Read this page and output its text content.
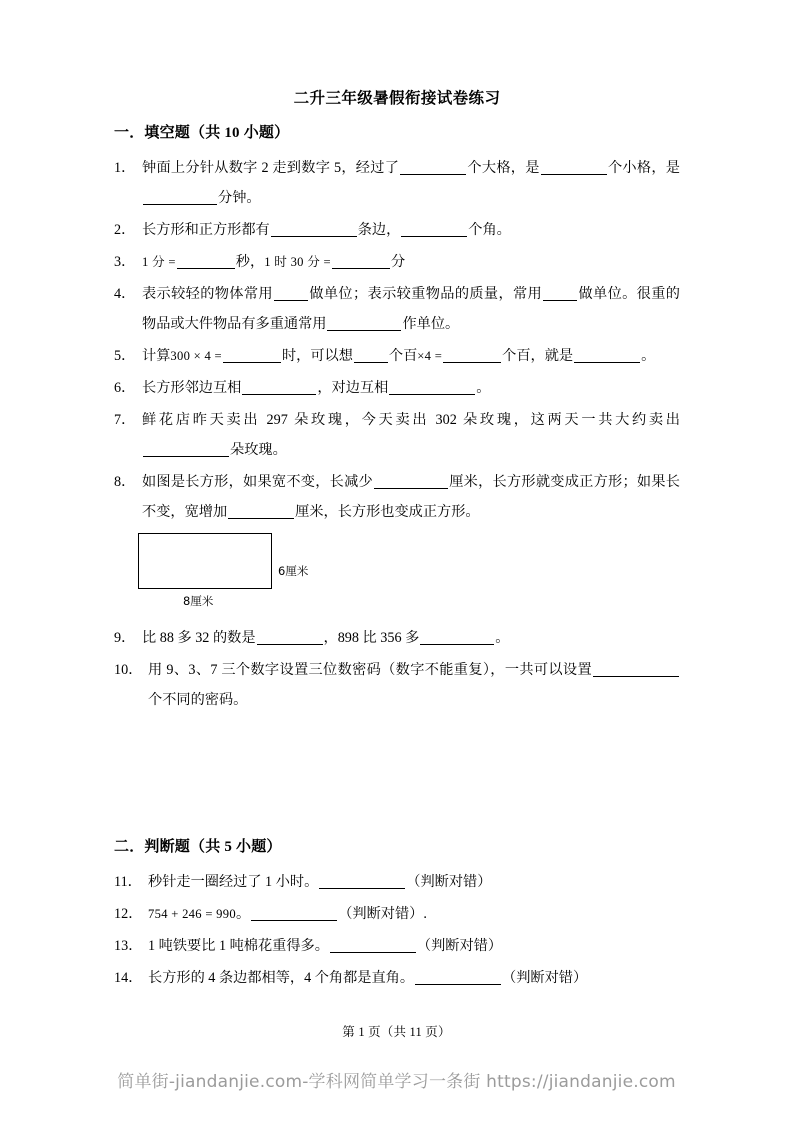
二升三年级暑假衔接试卷练习
一．填空题（共 10 小题）
1． 钟面上分针从数字 2 走到数字 5，经过了	个大格，是	个小格，是分钟。
2． 长方形和正方形都有	条边，	个角。
3． 1 分 =	秒，1 时 30 分 =	分
4． 表示较轻的物体常用	做单位；表示较重物品的质量，常用	做单位。很重的物品或大件物品有多重通常用	作单位。
5． 计算300 × 4 =	时，可以想	个百×4 =	个百，就是	。
6． 长方形邻边互相	，对边互相	。
7． 鲜花店昨天卖出 297 朵玫瑰，今天卖出 302 朵玫瑰，这两天一共大约卖出朵玫瑰。
8． 如图是长方形，如果宽不变，长减少	厘米，长方形就变成正方形；如果长不变，宽增加	厘米，长方形也变成正方形。
6厘米
8厘米
9． 比 88 多 32 的数是	，898 比 356 多	。
10． 用 9、3、7 三个数字设置三位数密码（数字不能重复），一共可以设置个不同的密码。
二．判断题（共 5 小题）
11． 秒针走一圈经过了 1 小时。	（判断对错）
12． 754 + 246 = 990。	（判断对错）.
13． 1 吨铁要比 1 吨棉花重得多。	（判断对错）
14． 长方形的 4 条边都相等，4 个角都是直角。	（判断对错）
第 1 页（共 11 页）
简单街-jiandanjie.com-学科网简单学习一条街 https://jiandanjie.com
